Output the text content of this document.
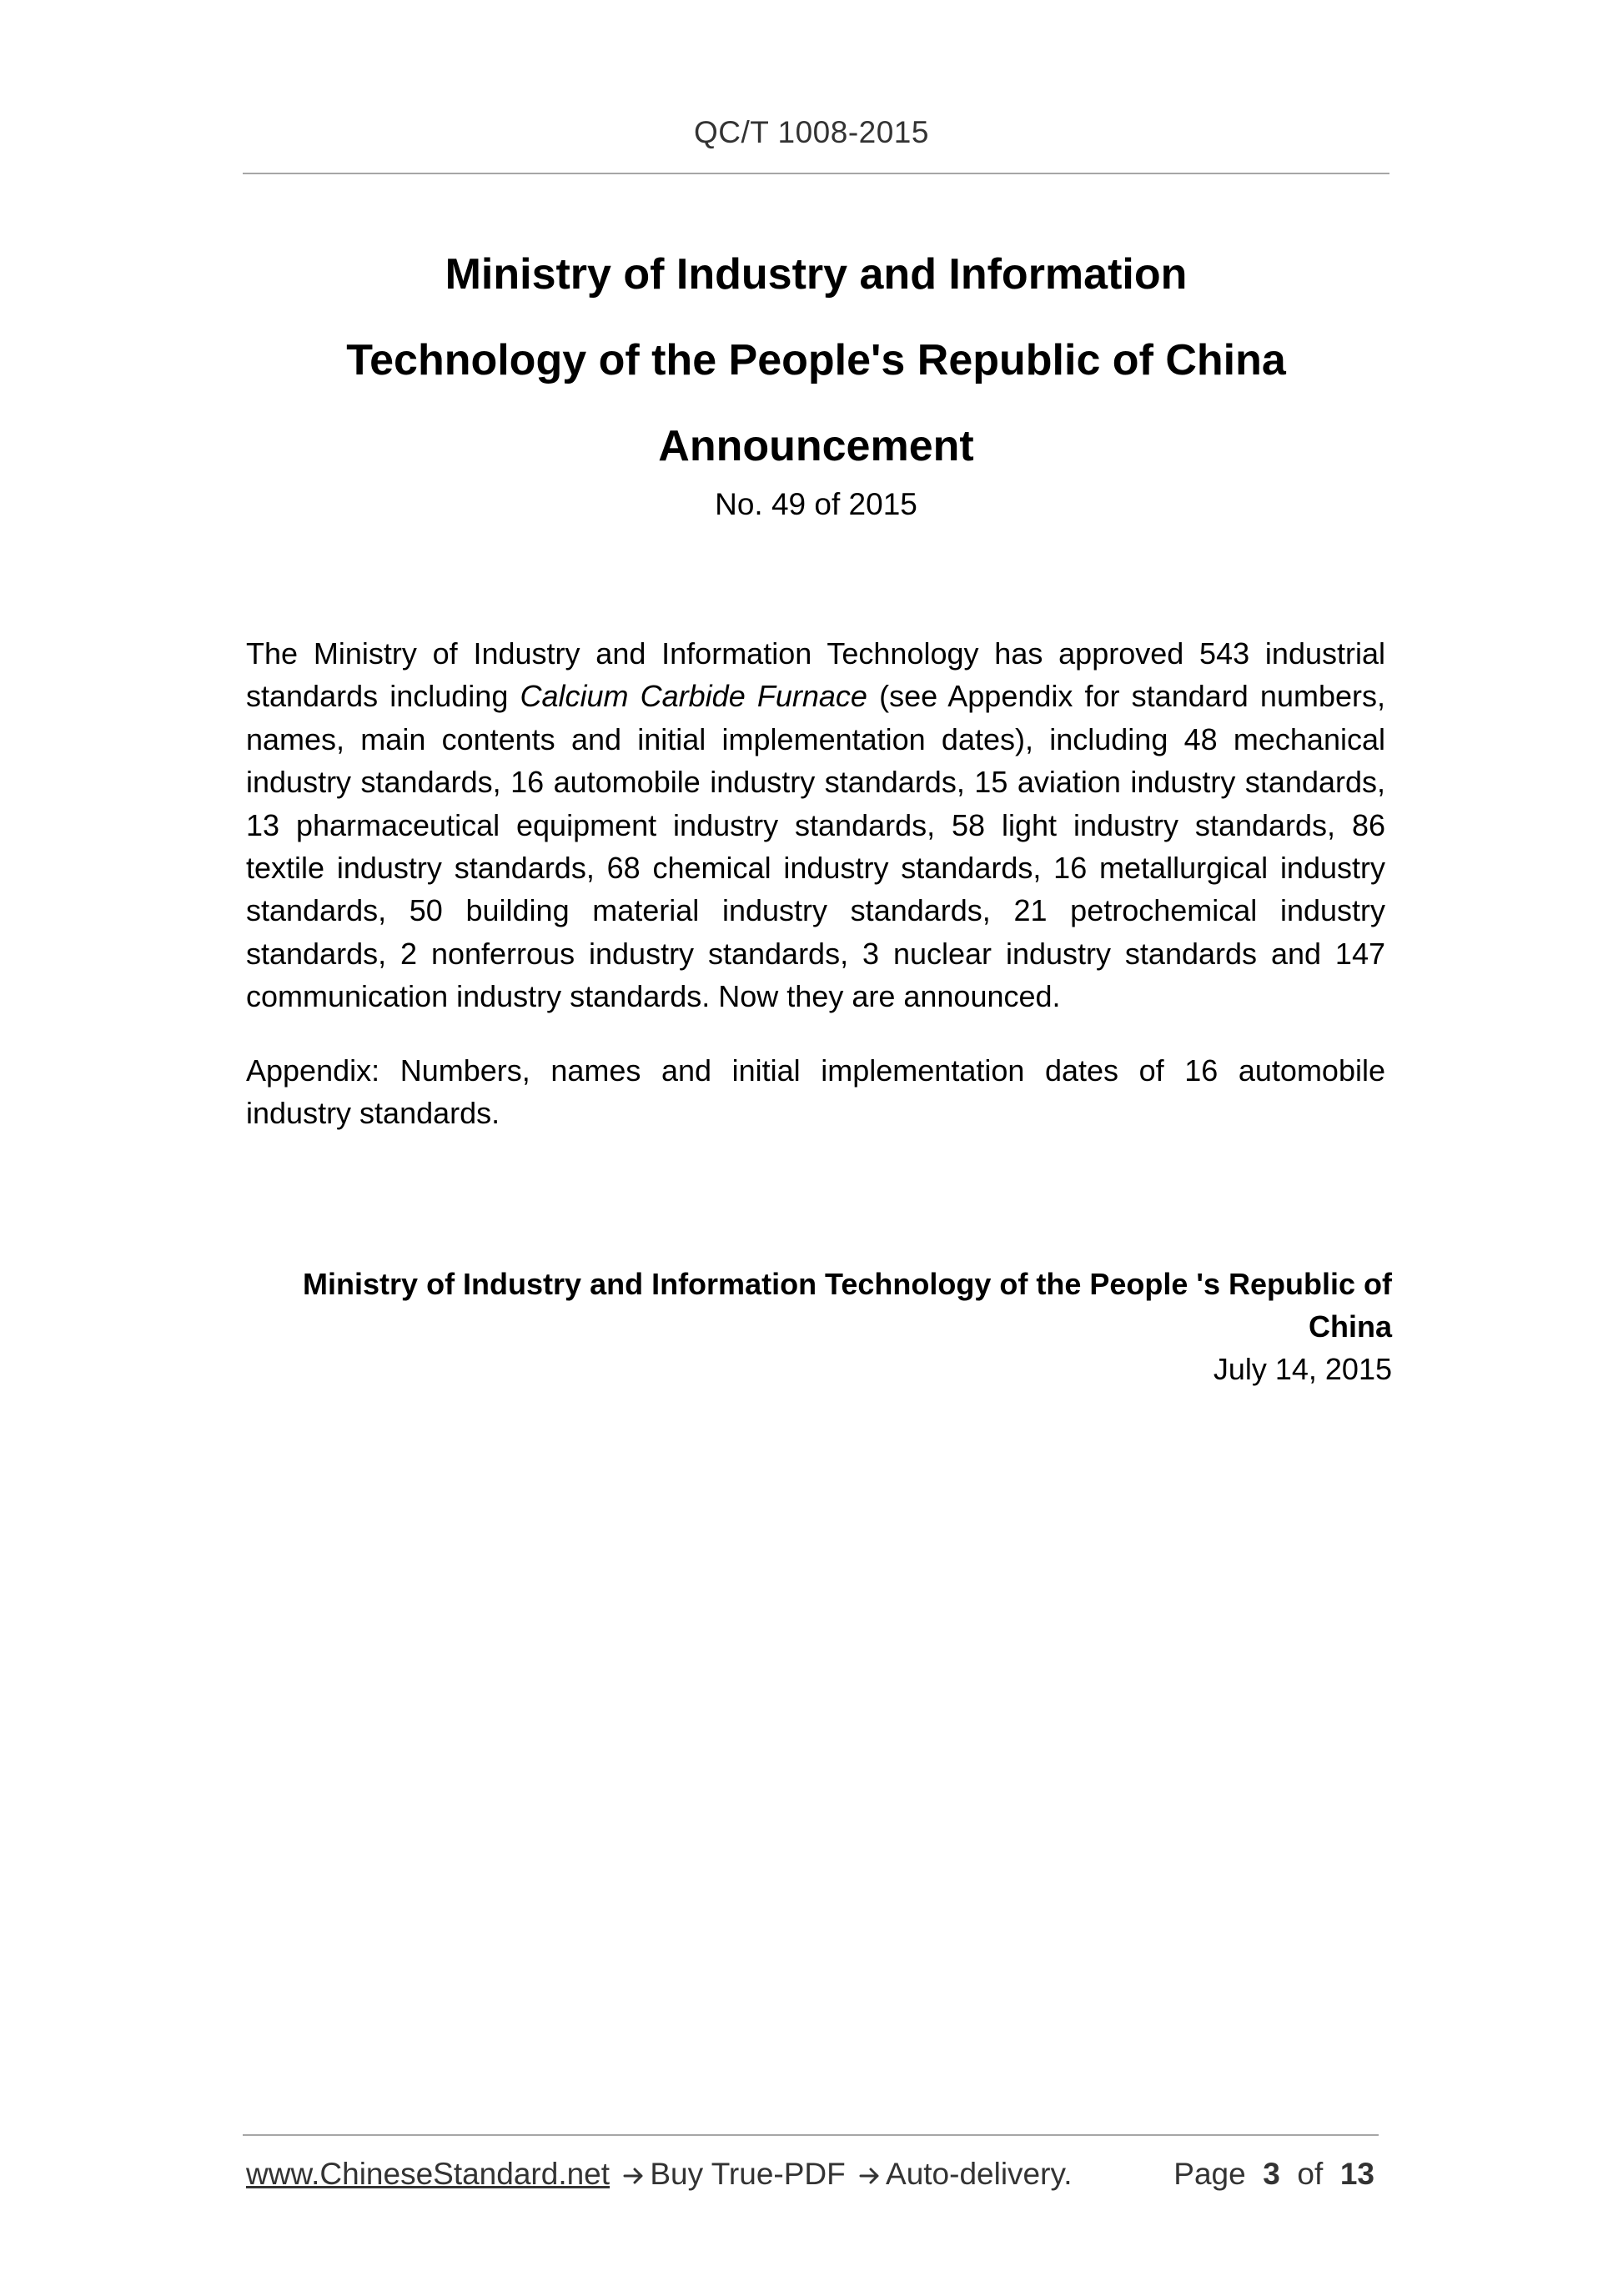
QC/T 1008-2015
Ministry of Industry and Information
Technology of the People's Republic of China
Announcement
No. 49 of 2015

The Ministry of Industry and Information Technology has approved 543 industrial standards including Calcium Carbide Furnace (see Appendix for standard numbers, names, main contents and initial implementation dates), including 48 mechanical industry standards, 16 automobile industry standards, 15 aviation industry standards, 13 pharmaceutical equipment industry standards, 58 light industry standards, 86 textile industry standards, 68 chemical industry standards, 16 metallurgical industry standards, 50 building material industry standards, 21 petrochemical industry standards, 2 nonferrous industry standards, 3 nuclear industry standards and 147 communication industry standards. Now they are announced.

Appendix: Numbers, names and initial implementation dates of 16 automobile industry standards.

Ministry of Industry and Information Technology of the People 's Republic of
China
July 14, 2015
www.ChineseStandard.net Buy True-PDF Auto-delivery.	Page 3 of 13
